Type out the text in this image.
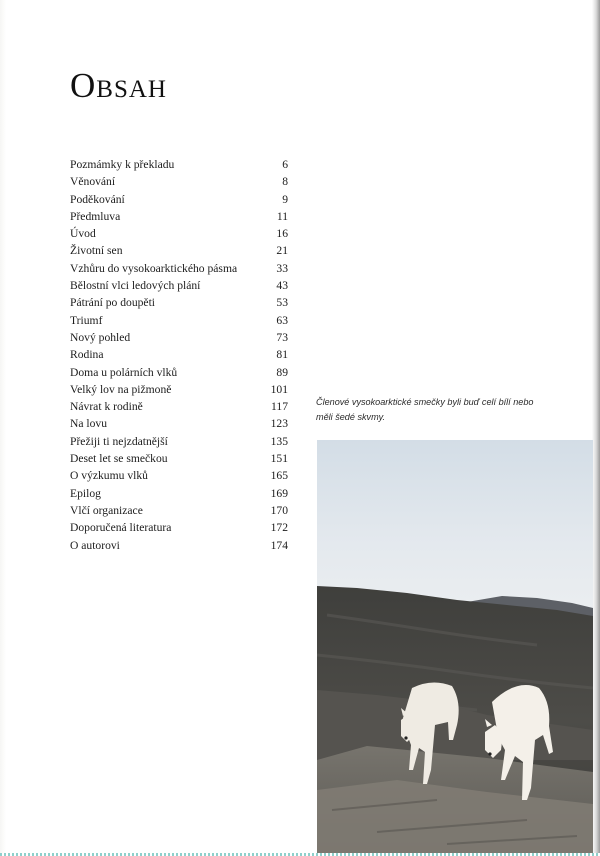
Obsah
Pozmámky k překladu	6
Věnování	8
Poděkování	9
Předmluva	11
Úvod	16
Životní sen	21
Vzhůru do vysokoarktického pásma	33
Bělostní vlci ledových plání	43
Pátrání po doupěti	53
Triumf	63
Nový pohled	73
Rodina	81
Doma u polárních vlků	89
Velký lov na pižmoně	101
Návrat k rodině	117
Na lovu	123
Přežiji ti nejzdatnější	135
Deset let se smečkou	151
O výzkumu vlků	165
Epilog	169
Vlčí organizace	170
Doporučená literatura	172
O autorovi	174

Členové vysokoarktické smečky byli buď celí bílí nebo
měli šedé skvmy.
